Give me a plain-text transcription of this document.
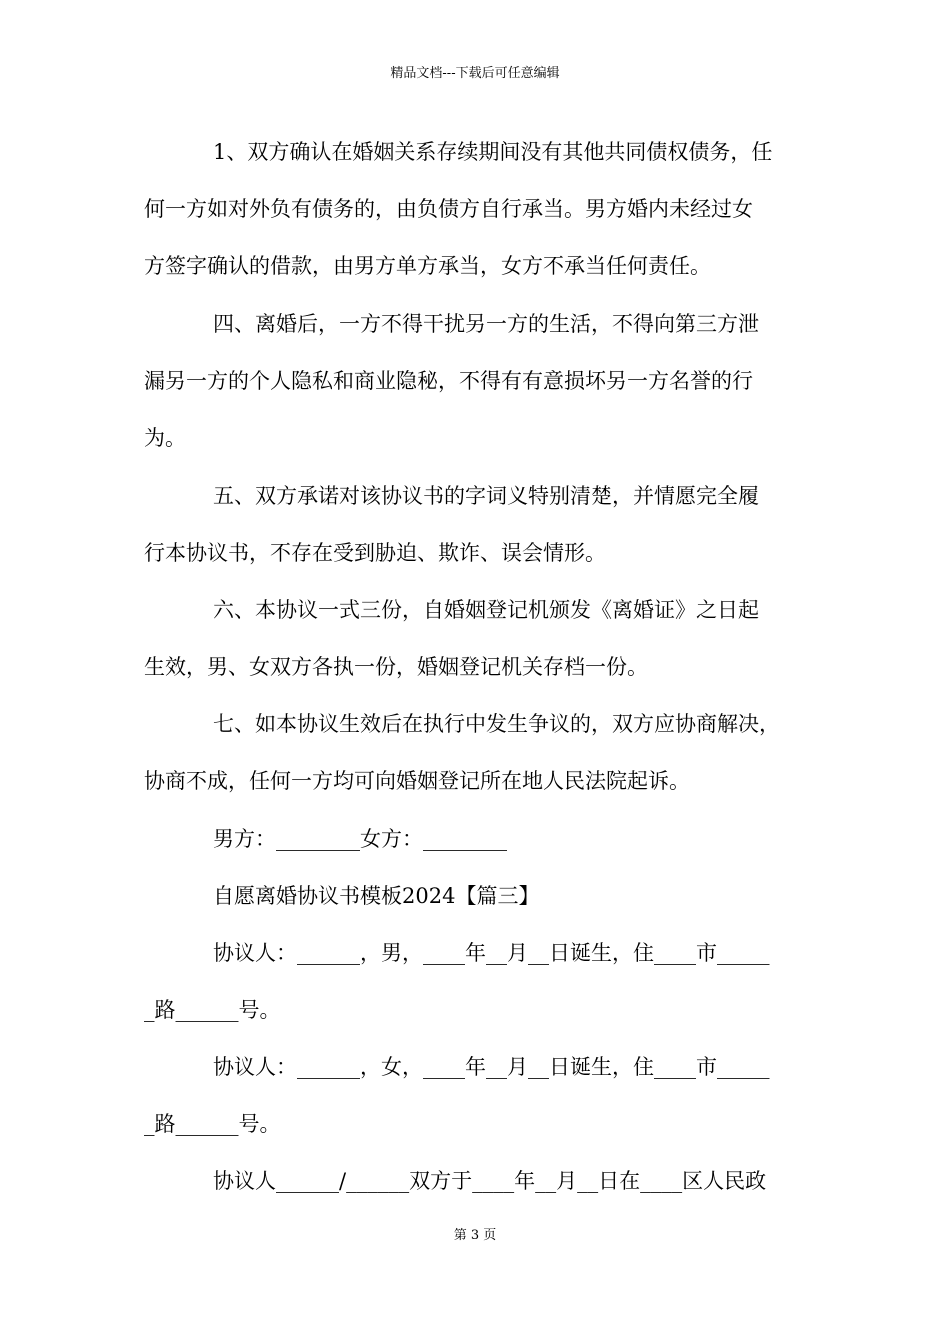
精品文档---下载后可任意编辑
1、双方确认在婚姻关系存续期间没有其他共同债权债务，任
何一方如对外负有债务的，由负债方自行承当。男方婚内未经过女
方签字确认的借款，由男方单方承当，女方不承当任何责任。
四、离婚后，一方不得干扰另一方的生活，不得向第三方泄
漏另一方的个人隐私和商业隐秘，不得有有意损坏另一方名誉的行
为。
五、双方承诺对该协议书的字词义特别清楚，并情愿完全履
行本协议书，不存在受到胁迫、欺诈、误会情形。
六、本协议一式三份，自婚姻登记机颁发《离婚证》之日起
生效，男、女双方各执一份，婚姻登记机关存档一份。
七、如本协议生效后在执行中发生争议的，双方应协商解决，
协商不成，任何一方均可向婚姻登记所在地人民法院起诉。
男方：________女方：________
自愿离婚协议书模板2024【篇三】
协议人：______，男，____年__月__日诞生，住____市_____
_路______号。
协议人：______，女，____年__月__日诞生，住____市_____
_路______号。
协议人______/______双方于____年__月__日在____区人民政
第 3 页
